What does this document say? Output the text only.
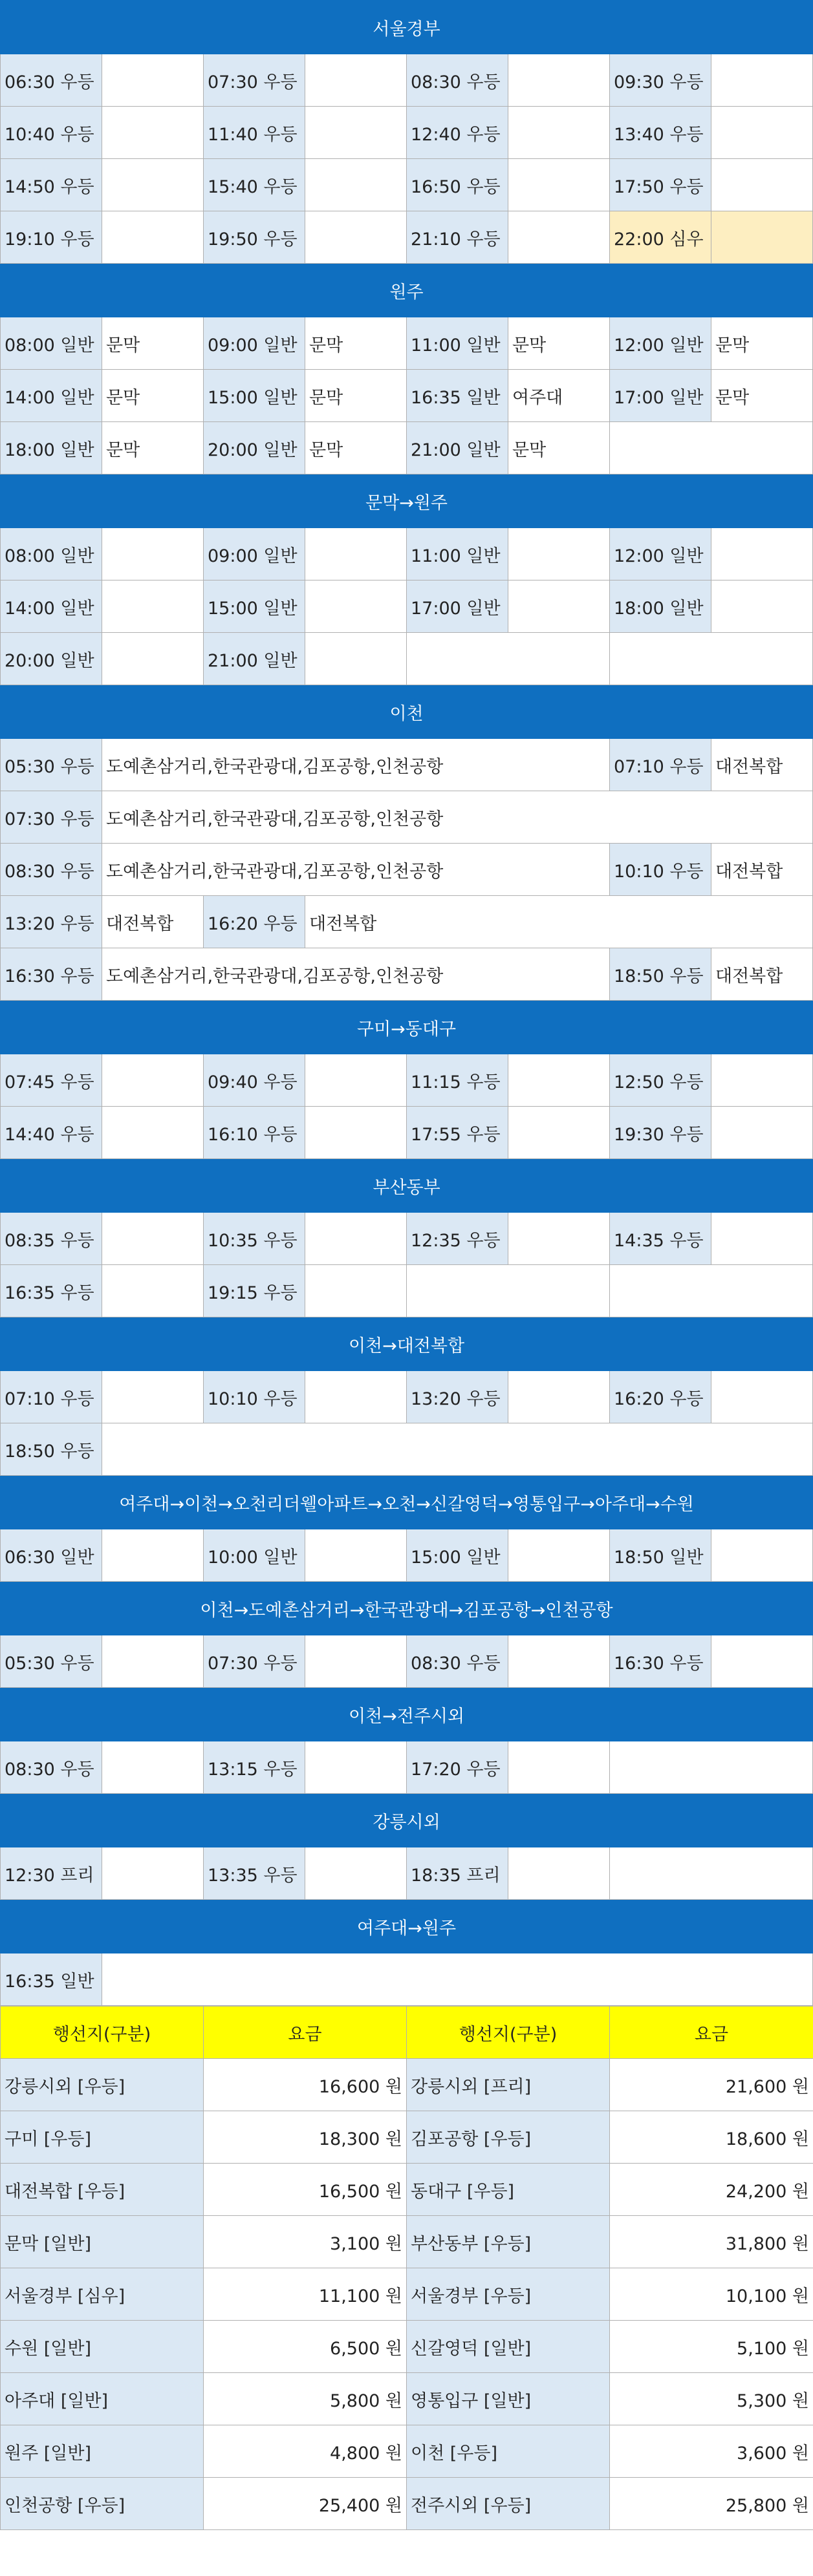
서울경부							
06:30 우등		07:30 우등		08:30 우등		09:30 우등	
10:40 우등		11:40 우등		12:40 우등		13:40 우등	
14:50 우등		15:40 우등		16:50 우등		17:50 우등	
19:10 우등		19:50 우등		21:10 우등		22:00 심우	
원주							
08:00 일반	문막	09:00 일반	문막	11:00 일반	문막	12:00 일반	문막
14:00 일반	문막	15:00 일반	문막	16:35 일반	여주대	17:00 일반	문막
18:00 일반	문막	20:00 일반	문막	21:00 일반	문막		
문막→원주							
08:00 일반		09:00 일반		11:00 일반		12:00 일반	
14:00 일반		15:00 일반		17:00 일반		18:00 일반	
20:00 일반		21:00 일반					
이천							
05:30 우등	도예촌삼거리,한국관광대,김포공항,인천공항					07:10 우등	대전복합
07:30 우등	도예촌삼거리,한국관광대,김포공항,인천공항						
08:30 우등	도예촌삼거리,한국관광대,김포공항,인천공항					10:10 우등	대전복합
13:20 우등	대전복합	16:20 우등	대전복합				
16:30 우등	도예촌삼거리,한국관광대,김포공항,인천공항					18:50 우등	대전복합
구미→동대구							
07:45 우등		09:40 우등		11:15 우등		12:50 우등	
14:40 우등		16:10 우등		17:55 우등		19:30 우등	
부산동부							
08:35 우등		10:35 우등		12:35 우등		14:35 우등	
16:35 우등		19:15 우등					
이천→대전복합							
07:10 우등		10:10 우등		13:20 우등		16:20 우등	
18:50 우등							
여주대→이천→오천리더웰아파트→오천→신갈영덕→영통입구→아주대→수원							
06:30 일반		10:00 일반		15:00 일반		18:50 일반	
이천→도예촌삼거리→한국관광대→김포공항→인천공항							
05:30 우등		07:30 우등		08:30 우등		16:30 우등	
이천→전주시외							
08:30 우등		13:15 우등		17:20 우등			
강릉시외							
12:30 프리		13:35 우등		18:35 프리			
여주대→원주							
16:35 일반							
행선지(구분)	요금	행선지(구분)	요금
강릉시외 [우등]	16,600 원	강릉시외 [프리]	21,600 원
구미 [우등]	18,300 원	김포공항 [우등]	18,600 원
대전복합 [우등]	16,500 원	동대구 [우등]	24,200 원
문막 [일반]	3,100 원	부산동부 [우등]	31,800 원
서울경부 [심우]	11,100 원	서울경부 [우등]	10,100 원
수원 [일반]	6,500 원	신갈영덕 [일반]	5,100 원
아주대 [일반]	5,800 원	영통입구 [일반]	5,300 원
원주 [일반]	4,800 원	이천 [우등]	3,600 원
인천공항 [우등]	25,400 원	전주시외 [우등]	25,800 원
